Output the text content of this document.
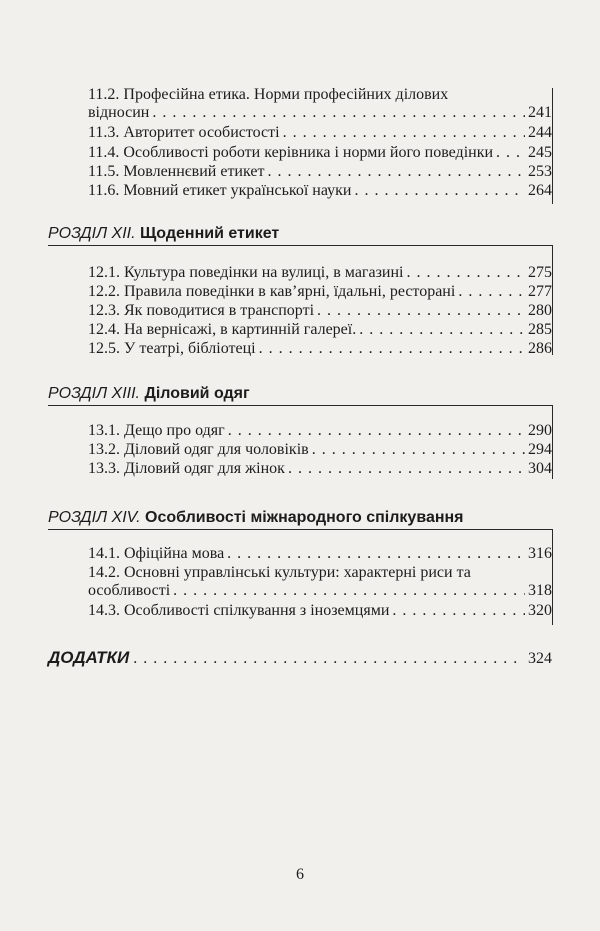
11.2. Професійна етика. Норми професійних ділових
відносин . . .	241
11.3. Авторитет особистості . . .	244
11.4. Особливості роботи керівника і норми його поведінки . . . 245
11.5. Мовленнєвий етикет . . .	253
11.6. Мовний етикет української науки . . .	264
РОЗДІЛ XII. Щоденний етикет
12.1. Культура поведінки на вулиці, в магазині . . .	275
12.2. Правила поведінки в кав’ярні, їдальні, ресторані . . .	277
12.3. Як поводитися в транспорті . . .	280
12.4. На вернісажі, в картинній галереї. . . .	285
12.5. У театрі, бібліотеці . . .	286
РОЗДІЛ XIII. Діловий одяг
13.1. Дещо про одяг . . .	290
13.2. Діловий одяг для чоловіків . . .	294
13.3. Діловий одяг для жінок . . .	304
РОЗДІЛ XIV. Особливості міжнародного спілкування
14.1. Офіційна мова . . .	316
14.2. Основні управлінські культури: характерні риси та
особливості . . .	318
14.3. Особливості спілкування з іноземцями . . .	320
ДОДАТКИ . . .	324
6
